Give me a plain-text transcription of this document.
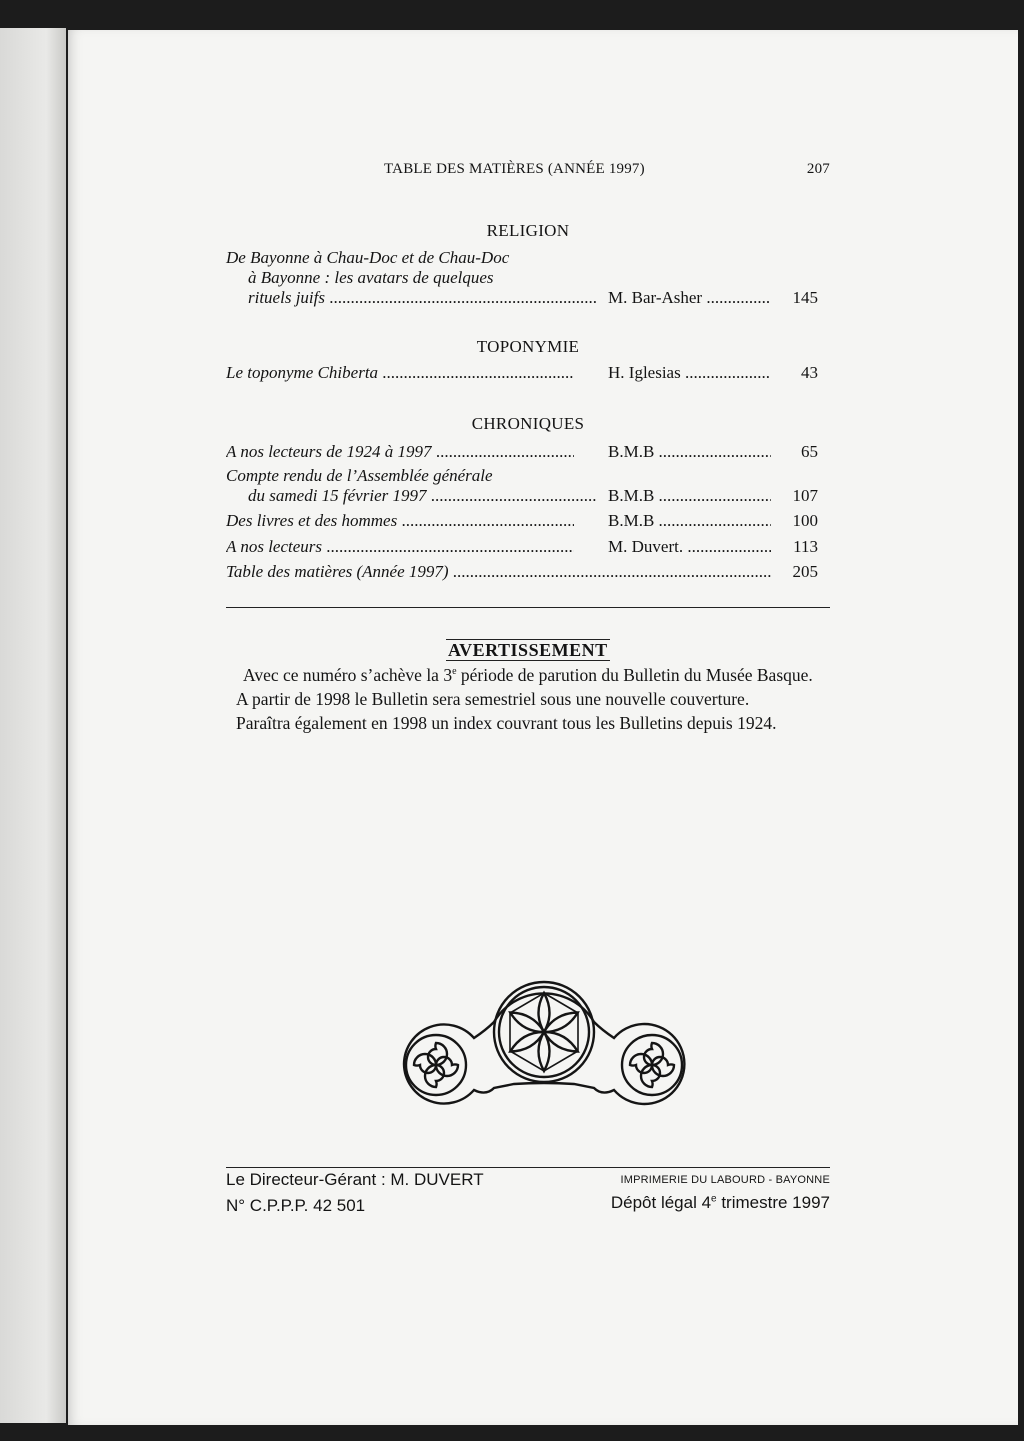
TABLE DES MATIÈRES (ANNÉE 1997)	207
RELIGION
De Bayonne à Chau-Doc et de Chau-Doc
à Bayonne : les avatars de quelques
rituels juifs .....	M. Bar-Asher .....	145
TOPONYMIE
Le toponyme Chiberta .....	H. Iglesias .....	43
CHRONIQUES
A nos lecteurs de 1924 à 1997 .....	B.M.B .....	65
Compte rendu de l’Assemblée générale
du samedi 15 février 1997 .....	B.M.B .....	107
Des livres et des hommes .....	B.M.B .....	100
A nos lecteurs .....	M. Duvert. .....	113
Table des matières (Année 1997) .....	205
AVERTISSEMENT

Avec ce numéro s’achève la 3e période de parution du Bulletin du Musée Basque.

A partir de 1998 le Bulletin sera semestriel sous une nouvelle couverture.

Paraîtra également en 1998 un index couvrant tous les Bulletins depuis 1924.

Le Directeur-Gérant : M. DUVERT
N° C.P.P.P. 42 501
IMPRIMERIE DU LABOURD - BAYONNE
Dépôt légal 4e trimestre 1997
